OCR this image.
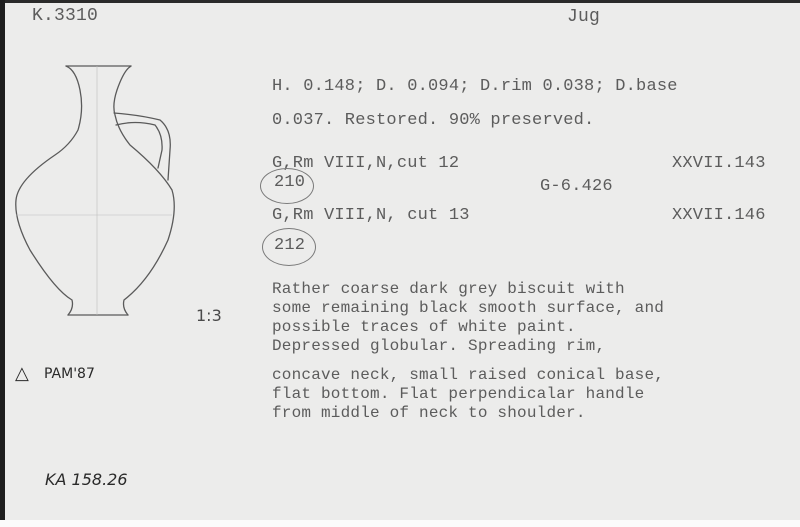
K.3310	Jug
1:3
△ PAM'87
KA 158.26
H. 0.148; D. 0.094; D.rim 0.038; D.base
0.037. Restored. 90% preserved.
G,Rm VIII,N,cut 12
210
XXVII.143
G-6.426
G,Rm VIII,N, cut 13
212
XXVII.146
Rather coarse dark grey biscuit with
some remaining black smooth surface, and
possible traces of white paint.
Depressed globular. Spreading rim,
concave neck, small raised conical base,
flat bottom. Flat perpendicalar handle
from middle of neck to shoulder.
